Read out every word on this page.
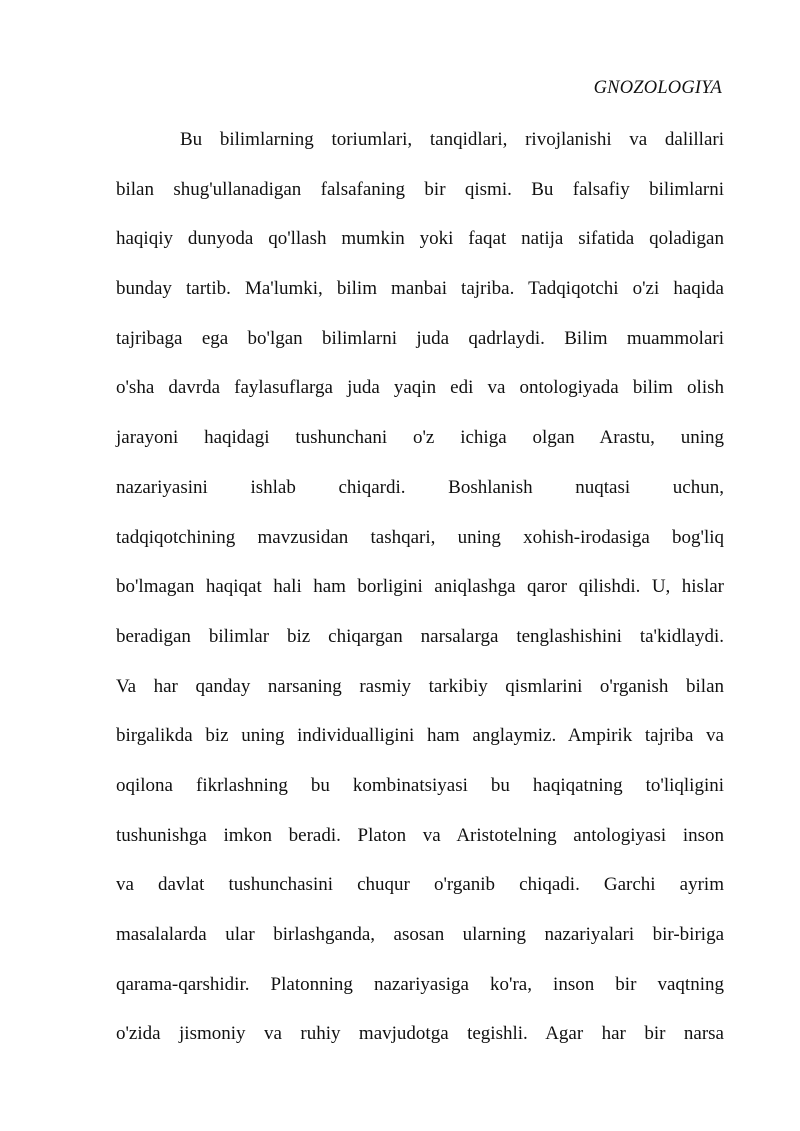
GNOZOLOGIYA
Bu bilimlarning toriumlari, tanqidlari, rivojlanishi va dalillari
bilan shug'ullanadigan falsafaning bir qismi. Bu falsafiy bilimlarni
haqiqiy dunyoda qo'llash mumkin yoki faqat natija sifatida qoladigan
bunday tartib. Ma'lumki, bilim manbai tajriba. Tadqiqotchi o'zi haqida
tajribaga ega bo'lgan bilimlarni juda qadrlaydi. Bilim muammolari
o'sha davrda faylasuflarga juda yaqin edi va ontologiyada bilim olish
jarayoni haqidagi tushunchani o'z ichiga olgan Arastu, uning
nazariyasini ishlab chiqardi. Boshlanish nuqtasi uchun,
tadqiqotchining mavzusidan tashqari, uning xohish-irodasiga bog'liq
bo'lmagan haqiqat hali ham borligini aniqlashga qaror qilishdi. U, hislar
beradigan bilimlar biz chiqargan narsalarga tenglashishini ta'kidlaydi.
Va har qanday narsaning rasmiy tarkibiy qismlarini o'rganish bilan
birgalikda biz uning individualligini ham anglaymiz. Ampirik tajriba va
oqilona fikrlashning bu kombinatsiyasi bu haqiqatning to'liqligini
tushunishga imkon beradi. Platon va Aristotelning antologiyasi inson
va davlat tushunchasini chuqur o'rganib chiqadi. Garchi ayrim
masalalarda ular birlashganda, asosan ularning nazariyalari bir-biriga
qarama-qarshidir. Platonning nazariyasiga ko'ra, inson bir vaqtning
o'zida jismoniy va ruhiy mavjudotga tegishli. Agar har bir narsa
